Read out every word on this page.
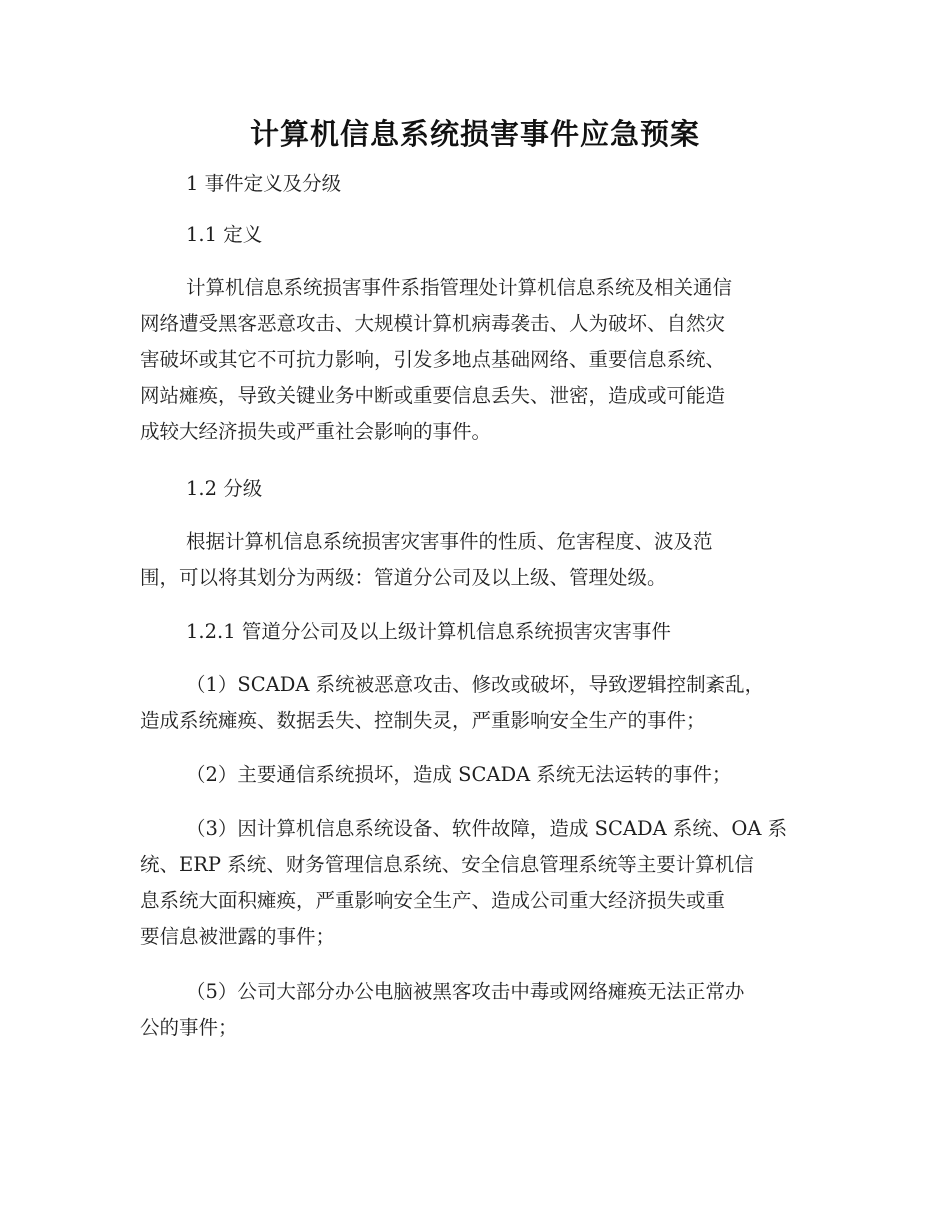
计算机信息系统损害事件应急预案
1 事件定义及分级
1.1 定义
计算机信息系统损害事件系指管理处计算机信息系统及相关通信
网络遭受黑客恶意攻击、大规模计算机病毒袭击、人为破坏、自然灾
害破坏或其它不可抗力影响，引发多地点基础网络、重要信息系统、
网站瘫痪，导致关键业务中断或重要信息丢失、泄密，造成或可能造
成较大经济损失或严重社会影响的事件。
1.2 分级
根据计算机信息系统损害灾害事件的性质、危害程度、波及范
围，可以将其划分为两级：管道分公司及以上级、管理处级。
1.2.1 管道分公司及以上级计算机信息系统损害灾害事件
（1）SCADA 系统被恶意攻击、修改或破坏，导致逻辑控制紊乱，
造成系统瘫痪、数据丢失、控制失灵，严重影响安全生产的事件；
（2）主要通信系统损坏，造成 SCADA 系统无法运转的事件；
（3）因计算机信息系统设备、软件故障，造成 SCADA 系统、OA 系
统、ERP 系统、财务管理信息系统、安全信息管理系统等主要计算机信
息系统大面积瘫痪，严重影响安全生产、造成公司重大经济损失或重
要信息被泄露的事件；
（5）公司大部分办公电脑被黑客攻击中毒或网络瘫痪无法正常办
公的事件；
